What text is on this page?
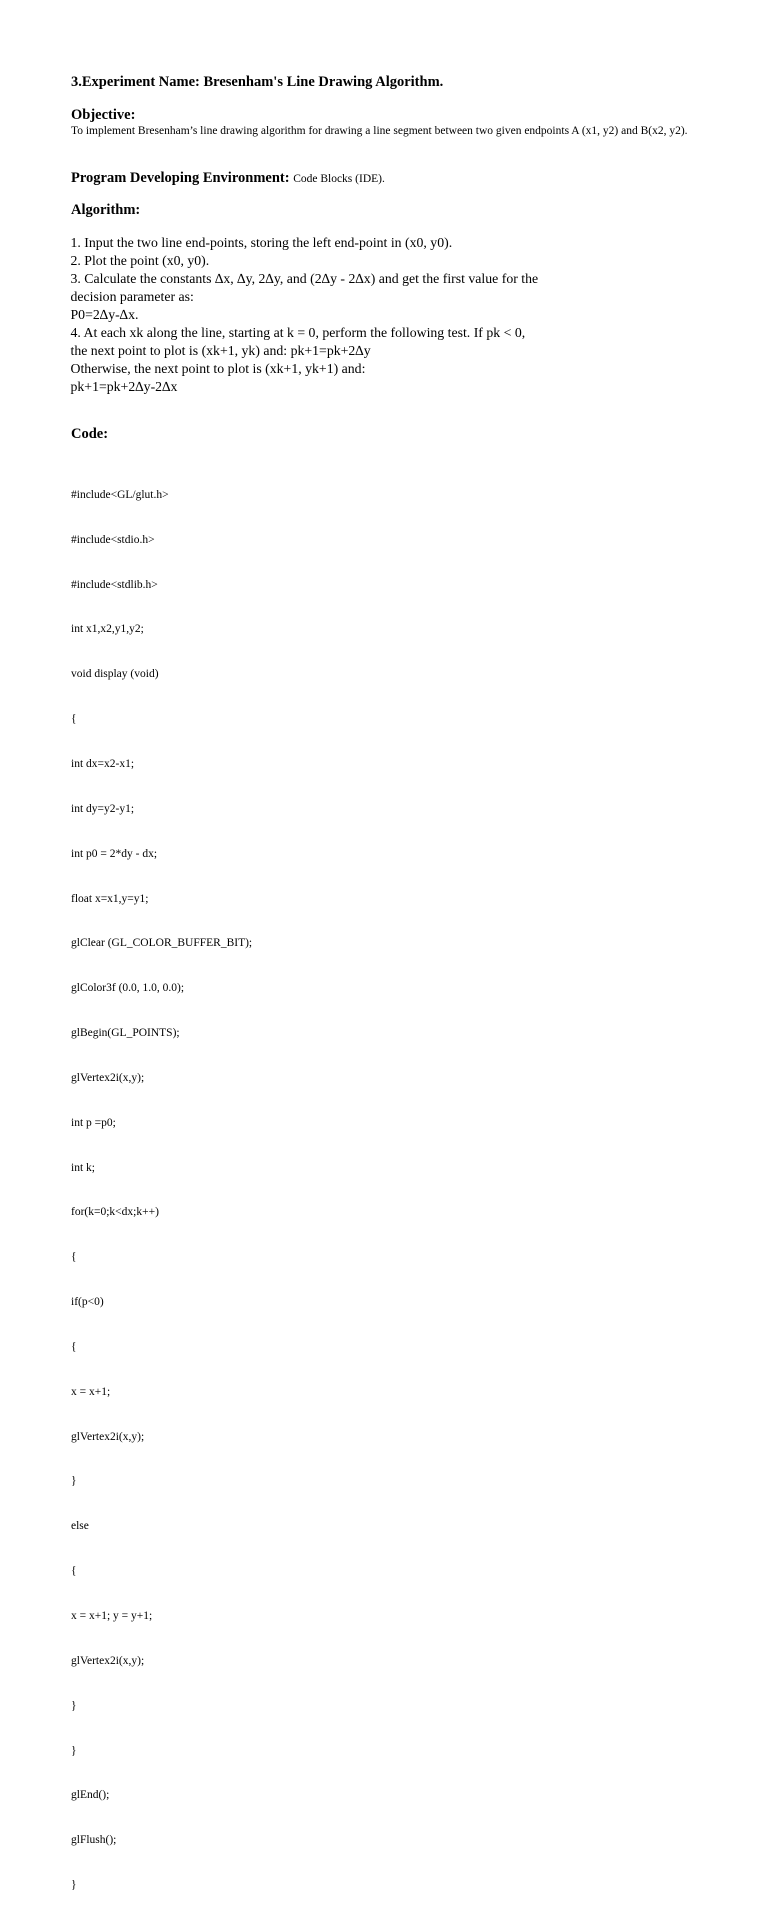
3.Experiment Name: Bresenham's Line Drawing Algorithm.
Objective:
To implement Bresenham’s line drawing algorithm for drawing a line segment between two given endpoints A (x1, y2) and B(x2, y2).
Program Developing Environment: Code Blocks (IDE).
Algorithm:
1. Input the two line end-points, storing the left end-point in (x0, y0).
2. Plot the point (x0, y0).
3. Calculate the constants ∆x, ∆y, 2∆y, and (2∆y - 2∆x) and get the first value for the
decision parameter as:
P0=2∆y-∆x.
4. At each xk along the line, starting at k = 0, perform the following test. If pk < 0,
the next point to plot is (xk+1, yk) and: pk+1=pk+2∆y
Otherwise, the next point to plot is (xk+1, yk+1) and:
pk+1=pk+2∆y-2∆x
Code:

#include<GL/glut.h>

#include<stdio.h>

#include<stdlib.h>

int x1,x2,y1,y2;

void display (void)

{

int dx=x2-x1;

int dy=y2-y1;

int p0 = 2*dy - dx;

float x=x1,y=y1;

glClear (GL_COLOR_BUFFER_BIT);

glColor3f (0.0, 1.0, 0.0);

glBegin(GL_POINTS);

glVertex2i(x,y);

int p =p0;

int k;

for(k=0;k<dx;k++)

{

if(p<0)

{

x = x+1;

glVertex2i(x,y);

}

else

{

x = x+1; y = y+1;

glVertex2i(x,y);

}

}

glEnd();

glFlush();

}
